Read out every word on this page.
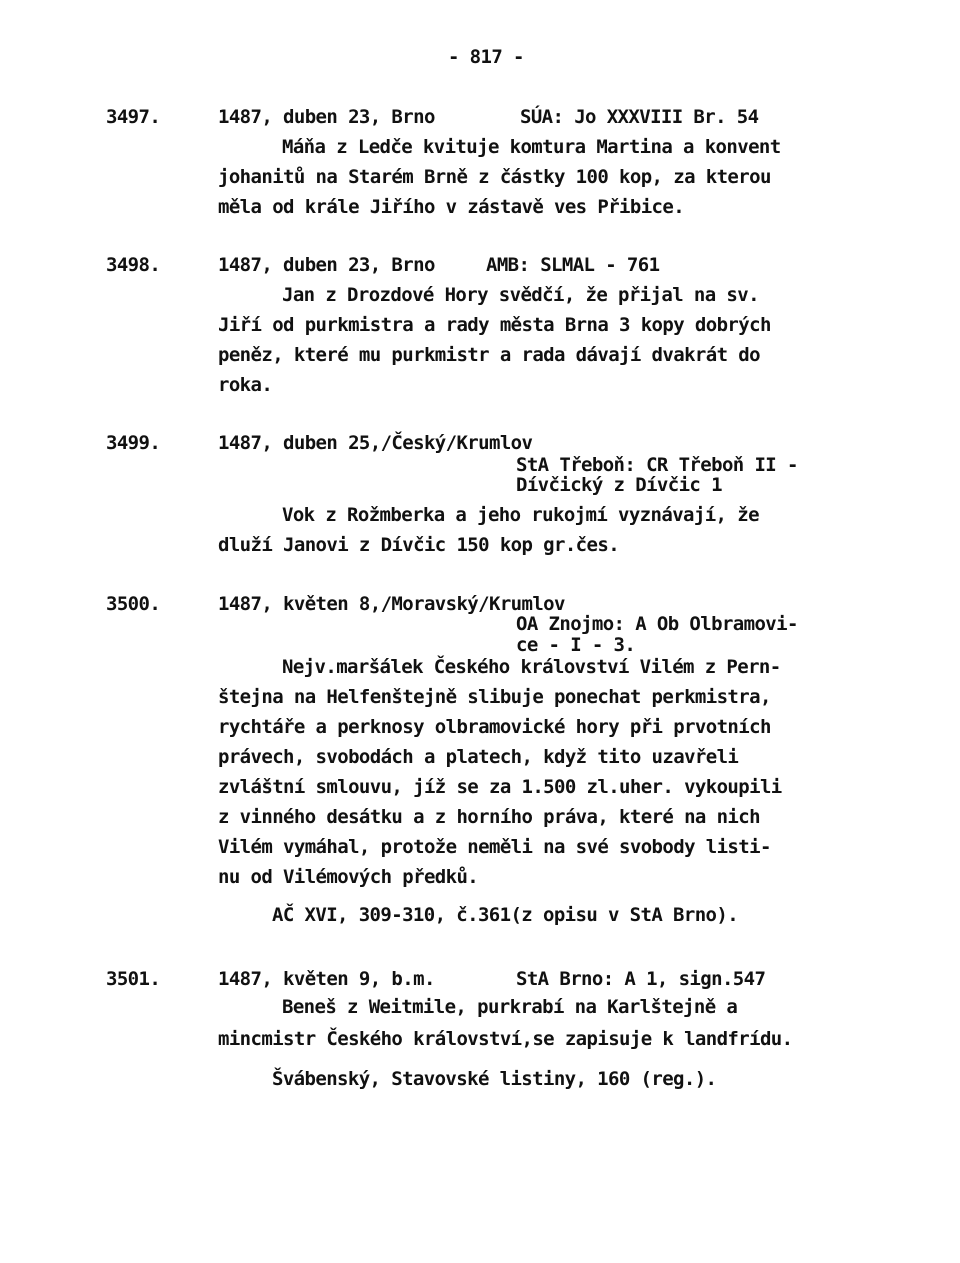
- 817 -
3497.	1487, duben 23, Brno	SÚA: Jo XXXVIII Br. 54
Máňa z Ledče kvituje komtura Martina a konvent
johanitů na Starém Brně z částky 100 kop, za kterou
měla od krále Jiřího v zástavě ves Přibice.
3498.	1487, duben 23, Brno	AMB: SLMAL - 761
Jan z Drozdové Hory svědčí, že přijal na sv.
Jiří od purkmistra a rady města Brna 3 kopy dobrých
peněz, které mu purkmistr a rada dávají dvakrát do
roka.
3499.	1487, duben 25,/Český/Krumlov
StA Třeboň: CR Třeboň II -
Dívčický z Dívčic 1
Vok z Rožmberka a jeho rukojmí vyznávají, že
dluží Janovi z Dívčic 150 kop gr.čes.
3500.	1487, květen 8,/Moravský/Krumlov
OA Znojmo: A Ob Olbramovi-
ce - I - 3.
Nejv.maršálek Českého království Vilém z Pern-
štejna na Helfenštejně slibuje ponechat perkmistra,
rychtáře a perknosy olbramovické hory při prvotních
právech, svobodách a platech, když tito uzavřeli
zvláštní smlouvu, jíž se za 1.500 zl.uher. vykoupili
z vinného desátku a z horního práva, které na nich
Vilém vymáhal, protože neměli na své svobody listi-
nu od Vilémových předků.
AČ XVI, 309-310, č.361(z opisu v StA Brno).
3501.	1487, květen 9, b.m.	StA Brno: A 1, sign.547
Beneš z Weitmile, purkrabí na Karlštejně a
mincmistr Českého království,se zapisuje k landfrídu.
Švábenský, Stavovské listiny, 160 (reg.).
